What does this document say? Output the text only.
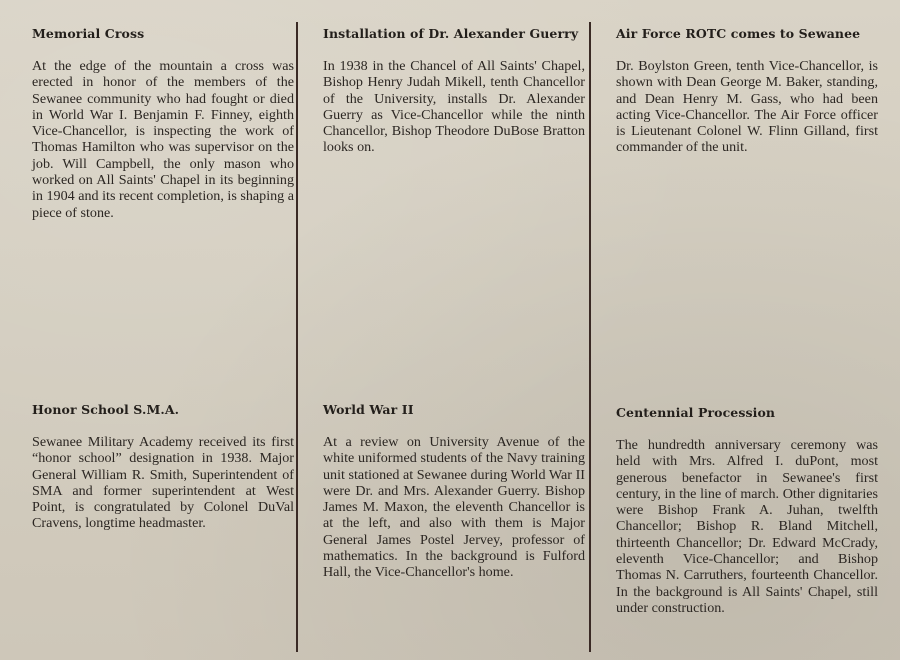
Memorial Cross

At the edge of the mountain a cross was erected in honor of the members of the Sewanee community who had fought or died in World War I. Benjamin F. Finney, eighth Vice-Chancellor, is inspecting the work of Thomas Hamilton who was supervisor on the job. Will Campbell, the only mason who worked on All Saints' Chapel in its beginning in 1904 and its recent completion, is shaping a piece of stone.

Installation of Dr. Alexander Guerry

In 1938 in the Chancel of All Saints' Chapel, Bishop Henry Judah Mikell, tenth Chancellor of the University, installs Dr. Alexander Guerry as Vice-Chancellor while the ninth Chancellor, Bishop Theodore DuBose Bratton looks on.

Air Force ROTC comes to Sewanee

Dr. Boylston Green, tenth Vice-Chancellor, is shown with Dean George M. Baker, standing, and Dean Henry M. Gass, who had been acting Vice-Chancellor. The Air Force officer is Lieutenant Colonel W. Flinn Gilland, first commander of the unit.

Honor School S.M.A.

Sewanee Military Academy received its first “honor school” designation in 1938. Major General William R. Smith, Superintendent of SMA and former superintendent at West Point, is congratulated by Colonel DuVal Cravens, longtime headmaster.

World War II

At a review on University Avenue of the white uniformed students of the Navy training unit stationed at Sewanee during World War II were Dr. and Mrs. Alexander Guerry. Bishop James M. Maxon, the eleventh Chancellor is at the left, and also with them is Major General James Postel Jervey, professor of mathematics. In the background is Fulford Hall, the Vice-Chancellor's home.

Centennial Procession

The hundredth anniversary ceremony was held with Mrs. Alfred I. duPont, most generous benefactor in Sewanee's first century, in the line of march. Other dignitaries were Bishop Frank A. Juhan, twelfth Chancellor; Bishop R. Bland Mitchell, thirteenth Chancellor; Dr. Edward McCrady, eleventh Vice-Chancellor; and Bishop Thomas N. Carruthers, fourteenth Chancellor. In the background is All Saints' Chapel, still under construction.
